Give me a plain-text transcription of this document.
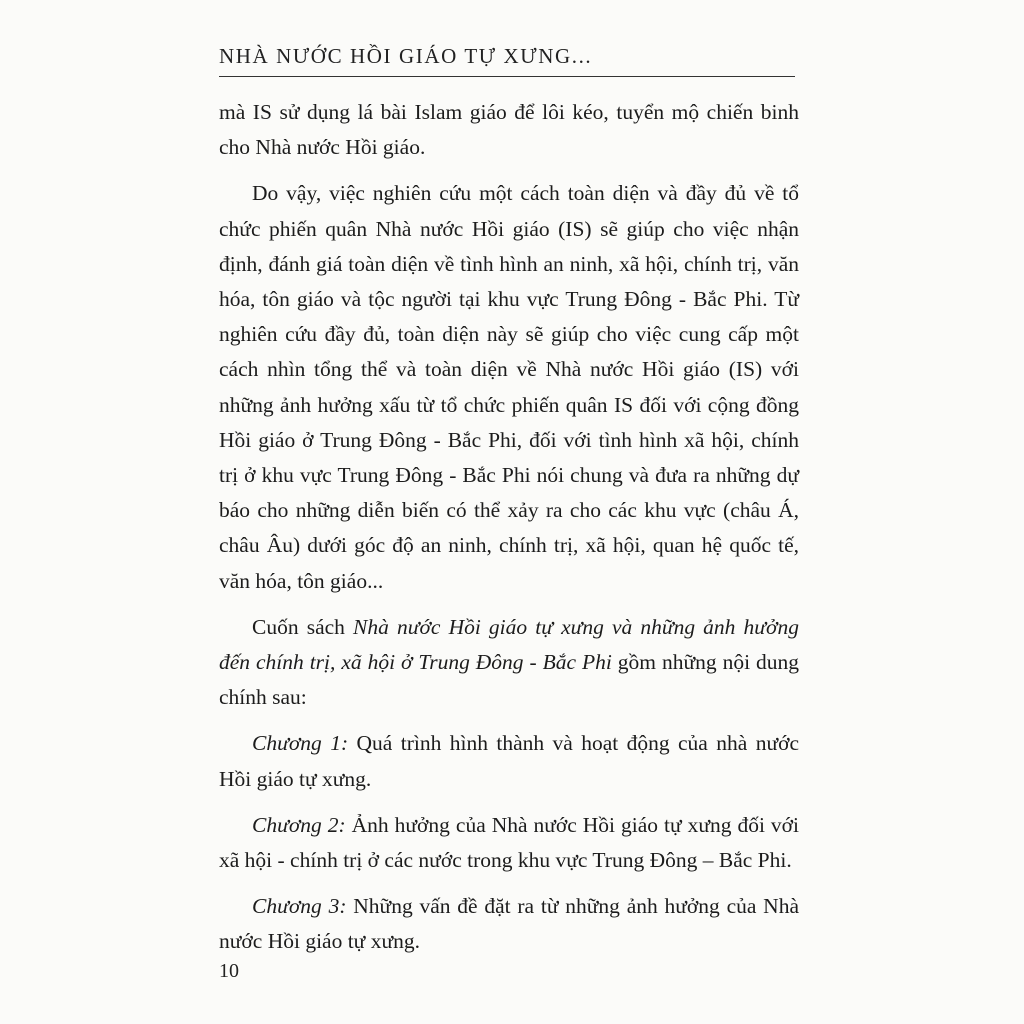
NHÀ NƯỚC HỒI GIÁO TỰ XƯNG...

mà IS sử dụng lá bài Islam giáo để lôi kéo, tuyển mộ chiến binh cho Nhà nước Hồi giáo.

Do vậy, việc nghiên cứu một cách toàn diện và đầy đủ về tổ chức phiến quân Nhà nước Hồi giáo (IS) sẽ giúp cho việc nhận định, đánh giá toàn diện về tình hình an ninh, xã hội, chính trị, văn hóa, tôn giáo và tộc người tại khu vực Trung Đông - Bắc Phi. Từ nghiên cứu đầy đủ, toàn diện này sẽ giúp cho việc cung cấp một cách nhìn tổng thể và toàn diện về Nhà nước Hồi giáo (IS) với những ảnh hưởng xấu từ tổ chức phiến quân IS đối với cộng đồng Hồi giáo ở Trung Đông - Bắc Phi, đối với tình hình xã hội, chính trị ở khu vực Trung Đông - Bắc Phi nói chung và đưa ra những dự báo cho những diễn biến có thể xảy ra cho các khu vực (châu Á, châu Âu) dưới góc độ an ninh, chính trị, xã hội, quan hệ quốc tế, văn hóa, tôn giáo...

Cuốn sách Nhà nước Hồi giáo tự xưng và những ảnh hưởng đến chính trị, xã hội ở Trung Đông - Bắc Phi gồm những nội dung chính sau:

Chương 1: Quá trình hình thành và hoạt động của nhà nước Hồi giáo tự xưng.

Chương 2: Ảnh hưởng của Nhà nước Hồi giáo tự xưng đối với xã hội - chính trị ở các nước trong khu vực Trung Đông – Bắc Phi.

Chương 3: Những vấn đề đặt ra từ những ảnh hưởng của Nhà nước Hồi giáo tự xưng.

10
